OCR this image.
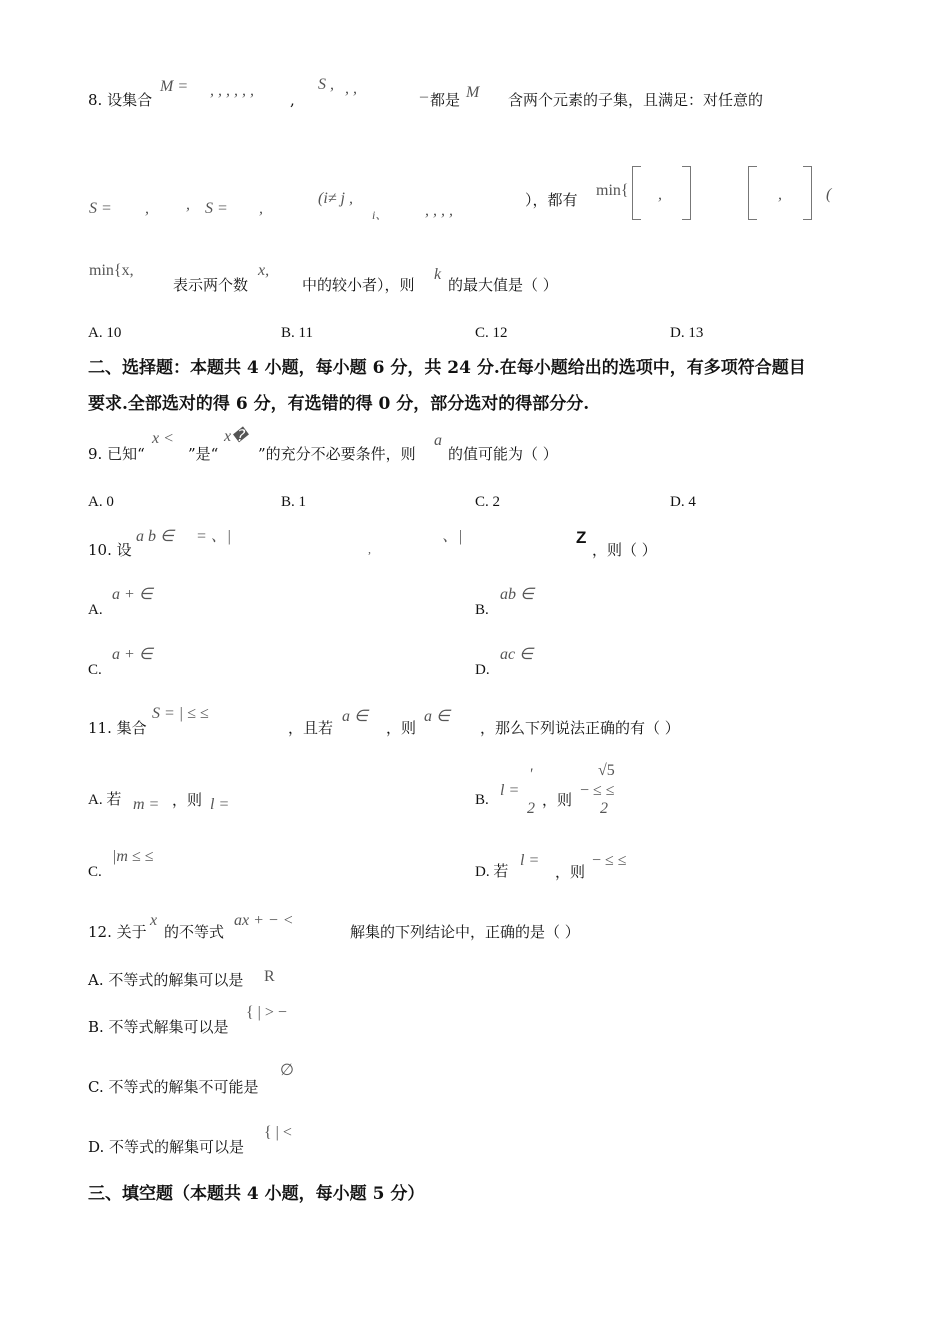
8. 设集合
M = , , , , , ,
,
S , , ,	– 都是 M 含两个元素的子集，且满足：对任意的
S = , , S = ,
(i≠ j ,
i、 , , , ,
），都有
min{ ,	,	(
min{x,
表示两个数
x,
中的较小者），则
k
的最大值是（ ）
A. 10	B. 11	C. 12	D. 13
二、选择题：本题共 4 小题，每小题 6 分，共 24 分.在每小题给出的选项中，有多项符合题目
要求.全部选对的得 6 分，有选错的得 0 分，部分选对的得部分分.
9. 已知“
x <
”是“
x�
”的充分不必要条件，则
a
的值可能为（ ）
A. 0	B. 1	C. 2	D. 4
10. 设
a b ∈ = 、|
,
、|	Z
，则（ ）
A.
a + ∈
B.
ab ∈
C.
a + ∈
D.
ac ∈
11. 集合
S = | ≤ ≤
，且若
a ∈
，则
a ∈
，那么下列说法正确的有（ ）
A. 若 m = ，则 l =	B.
l =
'
2 ，则
√5
− ≤ ≤
2
C.
|m ≤ ≤
D. 若
l =
，则
− ≤ ≤
12. 关于
x
的不等式
ax + − <
解集的下列结论中，正确的是（ ）
A. 不等式的解集可以是 R
B. 不等式解集可以是
{ | > −
C. 不等式的解集不可能是
∅
D. 不等式的解集可以是
{ | <
三、填空题（本题共 4 小题，每小题 5 分）
